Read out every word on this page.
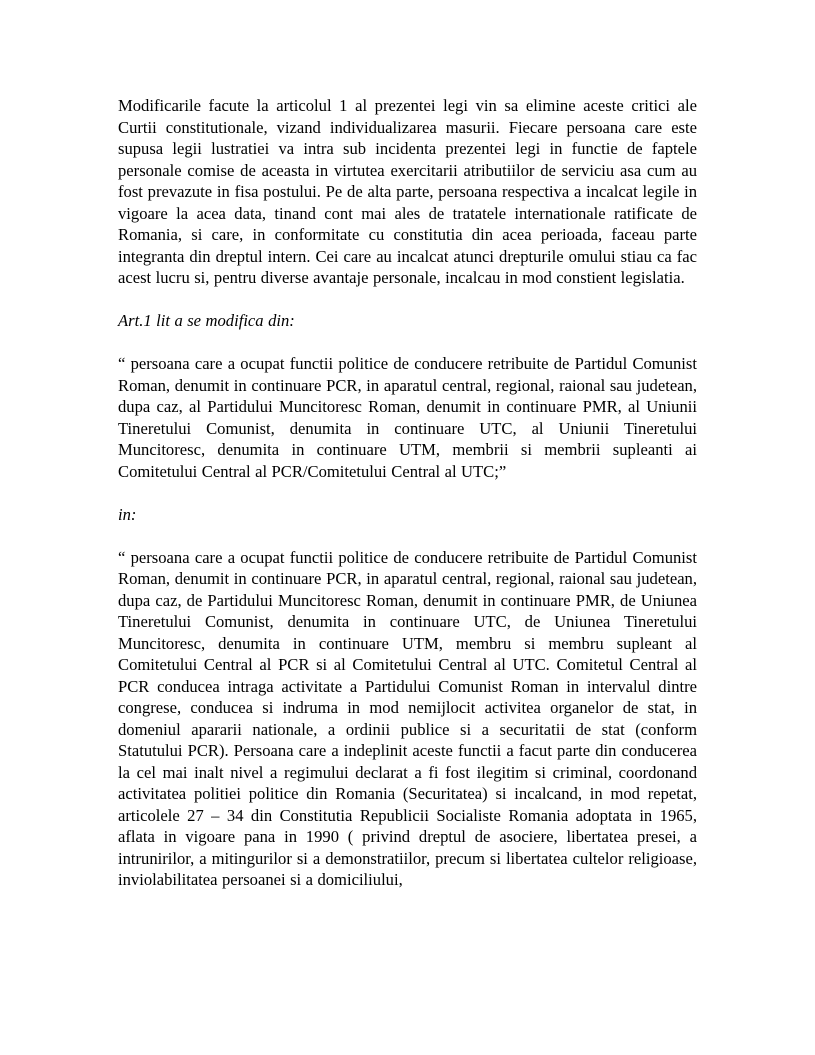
Modificarile facute la articolul 1 al prezentei legi vin sa elimine aceste critici ale Curtii constitutionale, vizand individualizarea masurii. Fiecare persoana care este supusa legii lustratiei va intra sub incidenta prezentei legi in functie de faptele personale comise de aceasta in virtutea exercitarii atributiilor de serviciu asa cum au fost prevazute in fisa postului. Pe de alta parte, persoana respectiva a incalcat legile in vigoare la acea data, tinand cont mai ales de tratatele internationale ratificate de Romania, si care, in conformitate cu constitutia din acea perioada, faceau parte integranta din dreptul intern. Cei care au incalcat atunci drepturile omului stiau ca fac acest lucru si, pentru diverse avantaje personale, incalcau in mod constient legislatia.

Art.1 lit a se modifica din:

“ persoana care a ocupat functii politice de conducere retribuite de Partidul Comunist Roman, denumit in continuare PCR, in aparatul central, regional, raional sau judetean, dupa caz, al Partidului Muncitoresc Roman, denumit in continuare PMR, al Uniunii Tineretului Comunist, denumita in continuare UTC, al Uniunii Tineretului Muncitoresc, denumita in continuare UTM, membrii si membrii supleanti ai Comitetului Central al PCR/Comitetului Central al UTC;”

in:

“ persoana care a ocupat functii politice de conducere retribuite de Partidul Comunist Roman, denumit in continuare PCR, in aparatul central, regional, raional sau judetean, dupa caz, de Partidului Muncitoresc Roman, denumit in continuare PMR, de Uniunea Tineretului Comunist, denumita in continuare UTC, de Uniunea Tineretului Muncitoresc, denumita in continuare UTM, membru si membru supleant al Comitetului Central al PCR si al Comitetului Central al UTC. Comitetul Central al PCR conducea intraga activitate a Partidului Comunist Roman in intervalul dintre congrese, conducea si indruma in mod nemijlocit activitea organelor de stat, in domeniul apararii nationale, a ordinii publice si a securitatii de stat (conform Statutului PCR). Persoana care a indeplinit aceste functii a facut parte din conducerea la cel mai inalt nivel a regimului declarat a fi fost ilegitim si criminal, coordonand activitatea politiei politice din Romania (Securitatea) si incalcand, in mod repetat, articolele 27 – 34 din Constitutia Republicii Socialiste Romania adoptata in 1965, aflata in vigoare pana in 1990 ( privind dreptul de asociere, libertatea presei, a intrunirilor, a mitingurilor si a demonstratiilor, precum si libertatea cultelor religioase, inviolabilitatea persoanei si a domiciliului,
